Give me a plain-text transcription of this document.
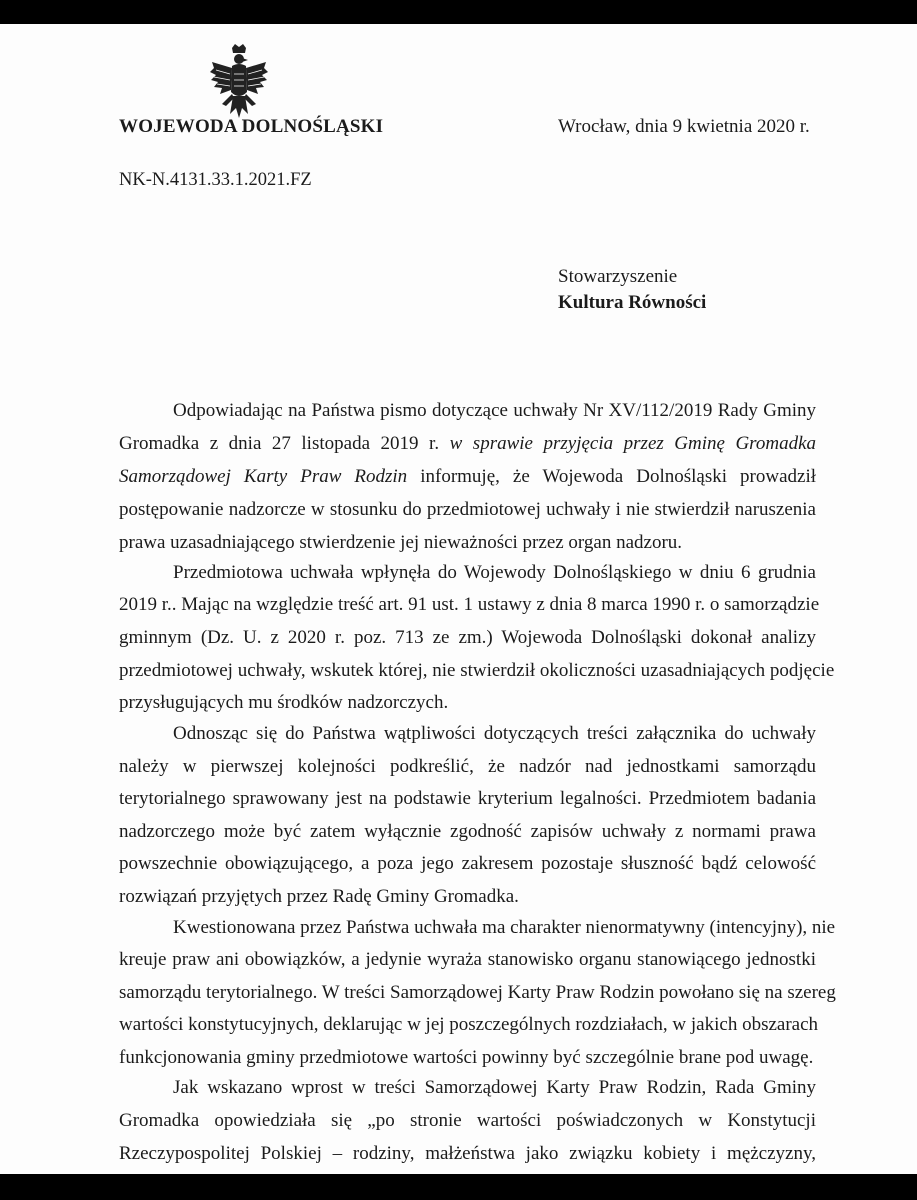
WOJEWODA DOLNOŚLĄSKI	Wrocław, dnia 9 kwietnia 2020 r.
NK-N.4131.33.1.2021.FZ
Stowarzyszenie
Kultura Równości
Odpowiadając na Państwa pismo dotyczące uchwały Nr XV/112/2019 Rady Gminy
Gromadka z dnia 27 listopada 2019 r. w sprawie przyjęcia przez Gminę Gromadka
Samorządowej Karty Praw Rodzin informuję, że Wojewoda Dolnośląski prowadził
postępowanie nadzorcze w stosunku do przedmiotowej uchwały i nie stwierdził naruszenia
prawa uzasadniającego stwierdzenie jej nieważności przez organ nadzoru.
Przedmiotowa uchwała wpłynęła do Wojewody Dolnośląskiego w dniu 6 grudnia
2019 r.. Mając na względzie treść art. 91 ust. 1 ustawy z dnia 8 marca 1990 r. o samorządzie
gminnym (Dz. U. z 2020 r. poz. 713 ze zm.) Wojewoda Dolnośląski dokonał analizy
przedmiotowej uchwały, wskutek której, nie stwierdził okoliczności uzasadniających podjęcie
przysługujących mu środków nadzorczych.
Odnosząc się do Państwa wątpliwości dotyczących treści załącznika do uchwały
należy w pierwszej kolejności podkreślić, że nadzór nad jednostkami samorządu
terytorialnego sprawowany jest na podstawie kryterium legalności. Przedmiotem badania
nadzorczego może być zatem wyłącznie zgodność zapisów uchwały z normami prawa
powszechnie obowiązującego, a poza jego zakresem pozostaje słuszność bądź celowość
rozwiązań przyjętych przez Radę Gminy Gromadka.
Kwestionowana przez Państwa uchwała ma charakter nienormatywny (intencyjny), nie
kreuje praw ani obowiązków, a jedynie wyraża stanowisko organu stanowiącego jednostki
samorządu terytorialnego. W treści Samorządowej Karty Praw Rodzin powołano się na szereg
wartości konstytucyjnych, deklarując w jej poszczególnych rozdziałach, w jakich obszarach
funkcjonowania gminy przedmiotowe wartości powinny być szczególnie brane pod uwagę.
Jak wskazano wprost w treści Samorządowej Karty Praw Rodzin, Rada Gminy
Gromadka opowiedziała się „po stronie wartości poświadczonych w Konstytucji
Rzeczypospolitej Polskiej – rodziny, małżeństwa jako związku kobiety i mężczyzny,
